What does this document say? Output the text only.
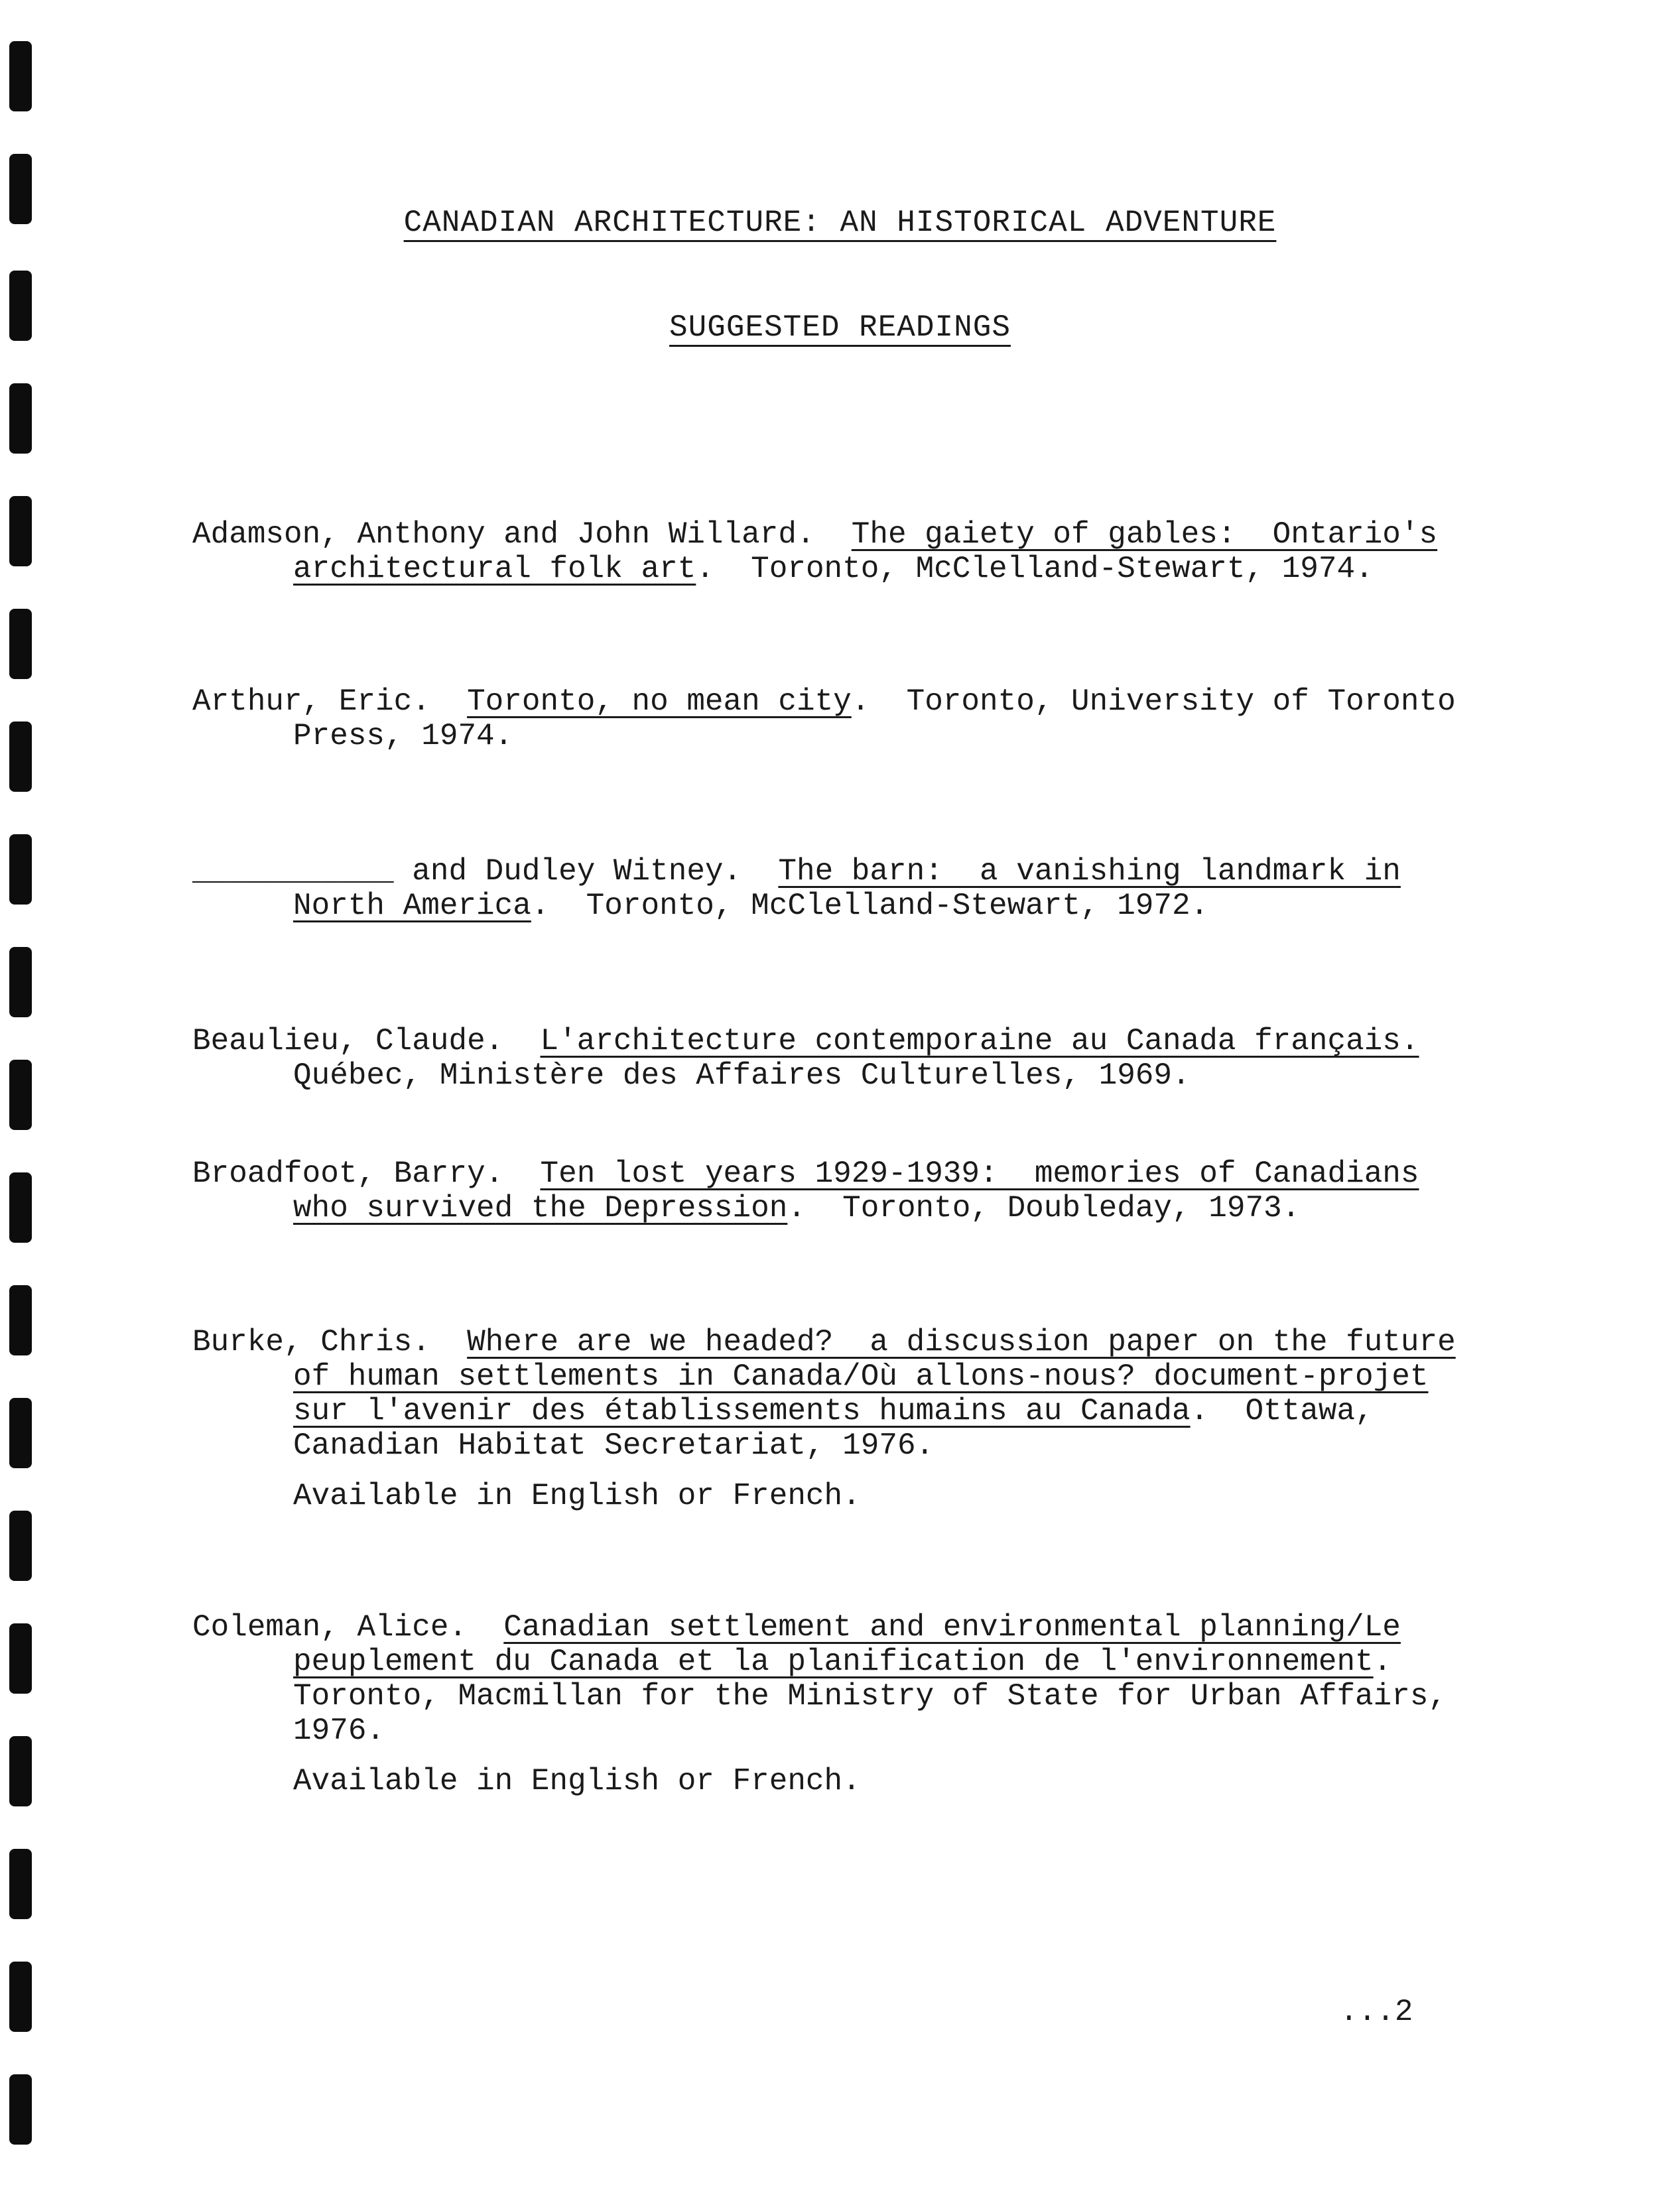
CANADIAN ARCHITECTURE: AN HISTORICAL ADVENTURE
SUGGESTED READINGS
Adamson, Anthony and John Willard.  The gaiety of gables:  Ontario's
architectural folk art.  Toronto, McClelland-Stewart, 1974.
Arthur, Eric.  Toronto, no mean city.  Toronto, University of Toronto
Press, 1974.
___________ and Dudley Witney.  The barn:  a vanishing landmark in
North America.  Toronto, McClelland-Stewart, 1972.
Beaulieu, Claude.  L'architecture contemporaine au Canada français.
Québec, Ministère des Affaires Culturelles, 1969.
Broadfoot, Barry.  Ten lost years 1929-1939:  memories of Canadians
who survived the Depression.  Toronto, Doubleday, 1973.
Burke, Chris.  Where are we headed?  a discussion paper on the future
of human settlements in Canada/Où allons-nous? document-projet
sur l'avenir des établissements humains au Canada.  Ottawa,
Canadian Habitat Secretariat, 1976.
Available in English or French.
Coleman, Alice.  Canadian settlement and environmental planning/Le
peuplement du Canada et la planification de l'environnement.
Toronto, Macmillan for the Ministry of State for Urban Affairs,
1976.
Available in English or French.
...2
